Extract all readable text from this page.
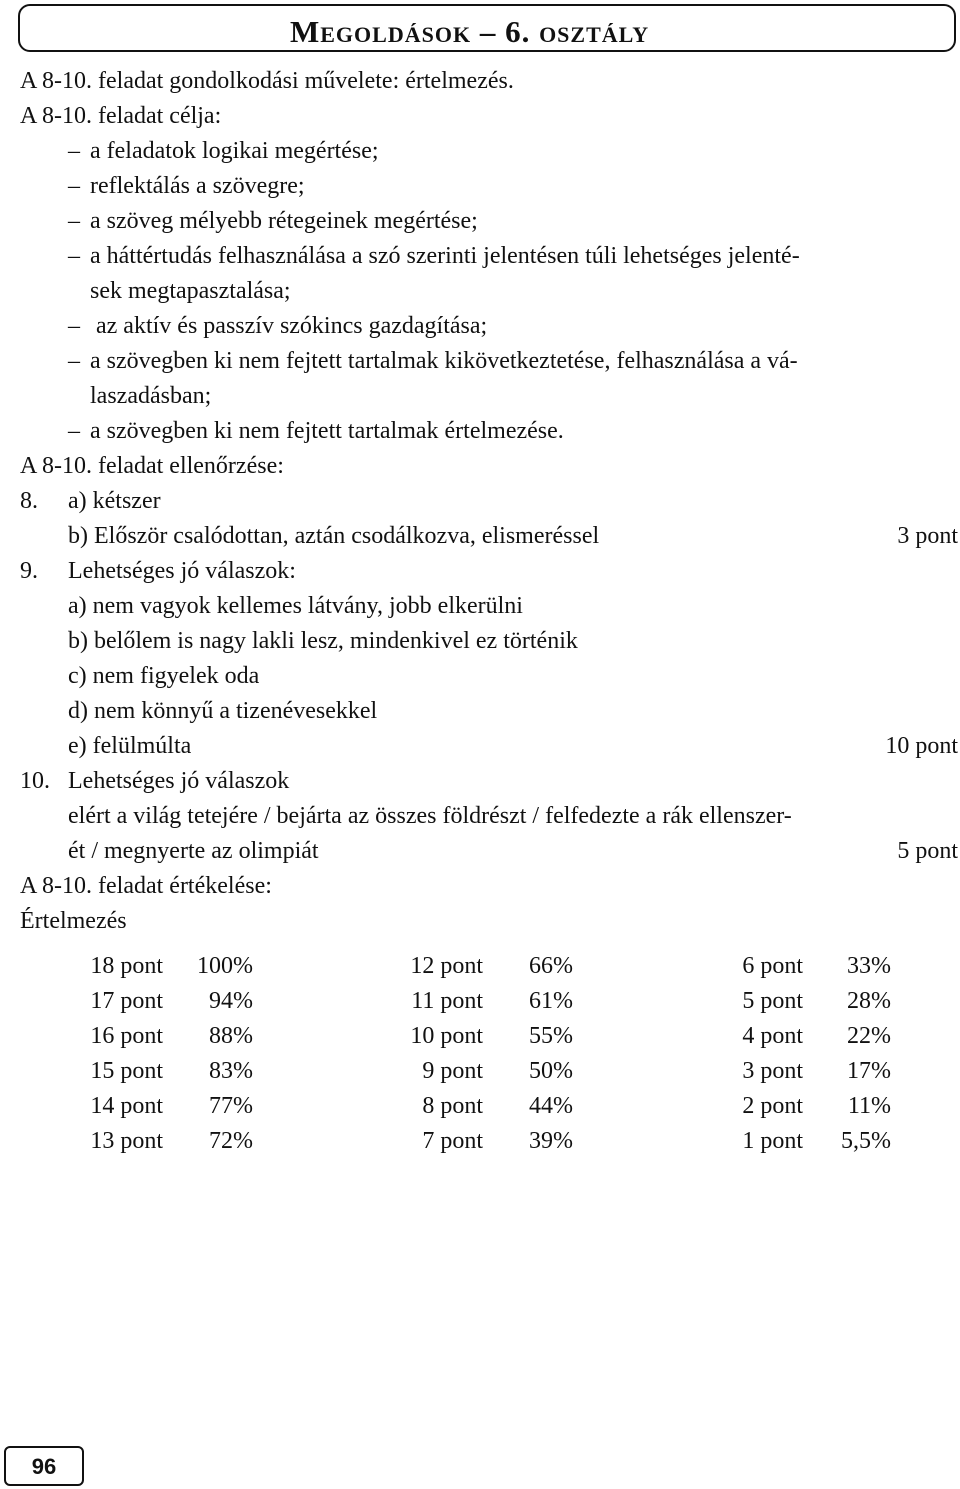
Megoldások – 6. osztály
A 8-10. feladat gondolkodási művelete: értelmezés.
A 8-10. feladat célja:
– a feladatok logikai megértése;
– reflektálás a szövegre;
– a szöveg mélyebb rétegeinek megértése;
– a háttértudás felhasználása a szó szerinti jelentésen túli lehetséges jelenté-
sek megtapasztalása;
– az aktív és passzív szókincs gazdagítása;
– a szövegben ki nem fejtett tartalmak kikövetkeztetése, felhasználása a vá-
laszadásban;
– a szövegben ki nem fejtett tartalmak értelmezése.
A 8-10. feladat ellenőrzése:
8. a) kétszer
b) Először csalódottan, aztán csodálkozva, elismeréssel	3 pont
9. Lehetséges jó válaszok:
a) nem vagyok kellemes látvány, jobb elkerülni
b) belőlem is nagy lakli lesz, mindenkivel ez történik
c) nem figyelek oda
d) nem könnyű a tizenévesekkel
e) felülmúlta	10 pont
10. Lehetséges jó válaszok
elért a világ tetejére / bejárta az összes földrészt / felfedezte a rák ellenszer-
ét / megnyerte az olimpiát	5 pont
A 8-10. feladat értékelése:
Értelmezés
18 pont	100%	12 pont	66%	6 pont	33%
17 pont	94%	11 pont	61%	5 pont	28%
16 pont	88%	10 pont	55%	4 pont	22%
15 pont	83%	9 pont	50%	3 pont	17%
14 pont	77%	8 pont	44%	2 pont	11%
13 pont	72%	7 pont	39%	1 pont	5,5%
96
